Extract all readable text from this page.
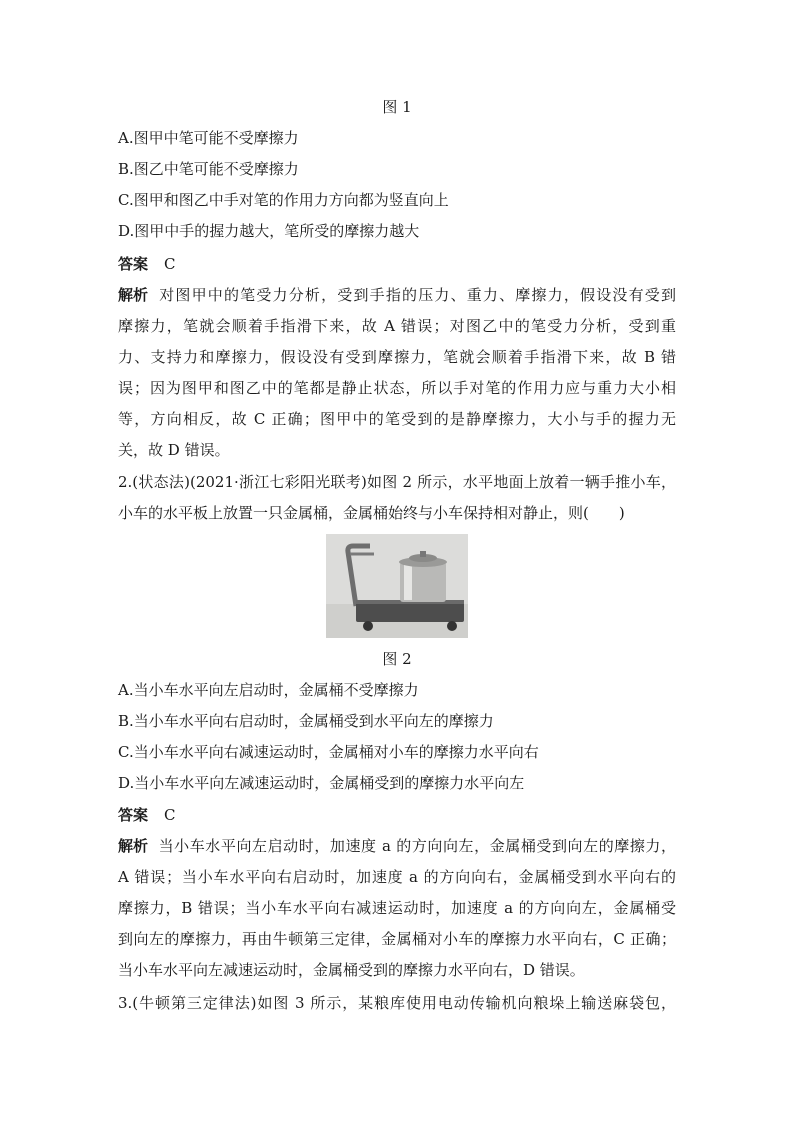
图 1
A.图甲中笔可能不受摩擦力
B.图乙中笔可能不受摩擦力
C.图甲和图乙中手对笔的作用力方向都为竖直向上
D.图甲中手的握力越大，笔所受的摩擦力越大
答案 C
解析 对图甲中的笔受力分析，受到手指的压力、重力、摩擦力，假设没有受到
摩擦力，笔就会顺着手指滑下来，故 A 错误；对图乙中的笔受力分析，受到重
力、支持力和摩擦力，假设没有受到摩擦力，笔就会顺着手指滑下来，故 B 错
误；因为图甲和图乙中的笔都是静止状态，所以手对笔的作用力应与重力大小相
等，方向相反，故 C 正确；图甲中的笔受到的是静摩擦力，大小与手的握力无
关，故 D 错误。
2.(状态法)(2021·浙江七彩阳光联考)如图 2 所示，水平地面上放着一辆手推小车，
小车的水平板上放置一只金属桶，金属桶始终与小车保持相对静止，则(　　)
图 2
A.当小车水平向左启动时，金属桶不受摩擦力
B.当小车水平向右启动时，金属桶受到水平向左的摩擦力
C.当小车水平向右减速运动时，金属桶对小车的摩擦力水平向右
D.当小车水平向左减速运动时，金属桶受到的摩擦力水平向左
答案 C
解析 当小车水平向左启动时，加速度 a 的方向向左，金属桶受到向左的摩擦力，
A 错误；当小车水平向右启动时，加速度 a 的方向向右，金属桶受到水平向右的
摩擦力，B 错误；当小车水平向右减速运动时，加速度 a 的方向向左，金属桶受
到向左的摩擦力，再由牛顿第三定律，金属桶对小车的摩擦力水平向右，C 正确；
当小车水平向左减速运动时，金属桶受到的摩擦力水平向右，D 错误。
3.(牛顿第三定律法)如图 3 所示，某粮库使用电动传输机向粮垛上输送麻袋包，
